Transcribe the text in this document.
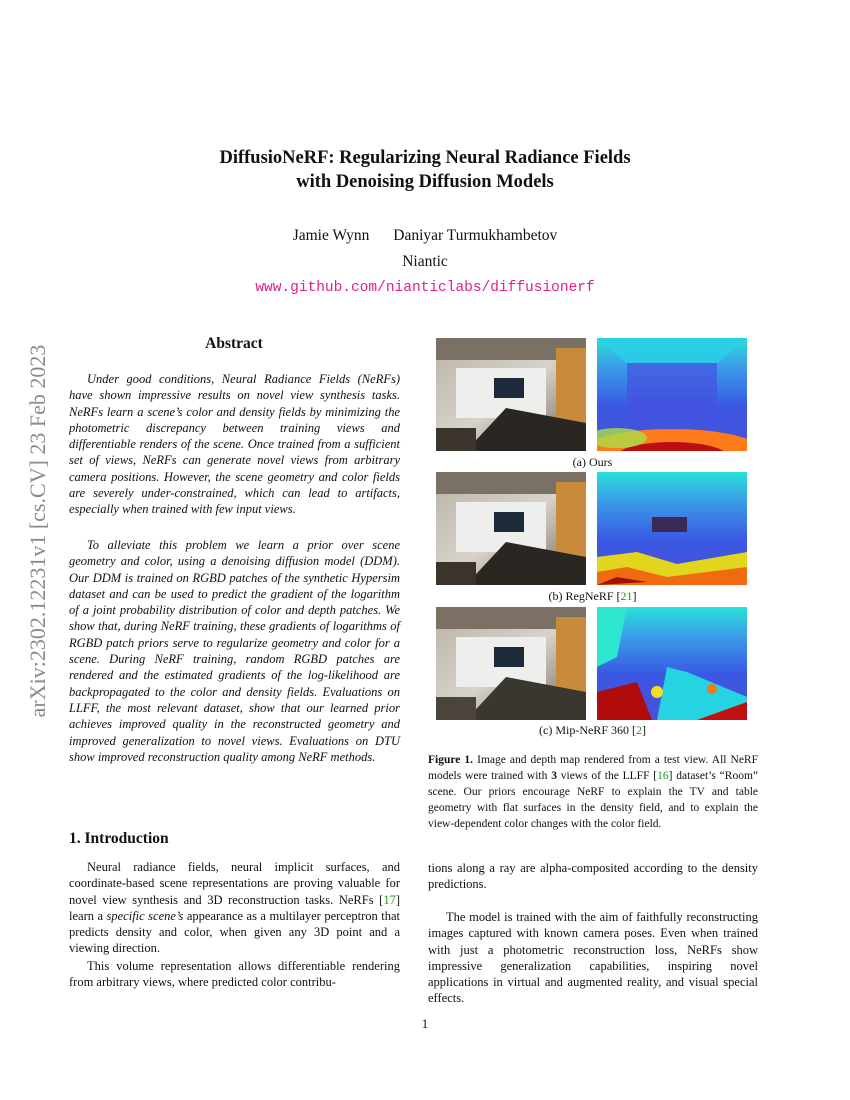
arXiv:2302.12231v1 [cs.CV] 23 Feb 2023
DiffusioNeRF: Regularizing Neural Radiance Fields
with Denoising Diffusion Models
Jamie Wynn Daniyar Turmukhambetov
Niantic
www.github.com/nianticlabs/diffusionerf
Abstract
Under good conditions, Neural Radiance Fields (NeRFs) have shown impressive results on novel view synthesis tasks. NeRFs learn a scene’s color and density fields by minimizing the photometric discrepancy between training views and differentiable renders of the scene. Once trained from a sufficient set of views, NeRFs can generate novel views from arbitrary camera positions. However, the scene geometry and color fields are severely under-constrained, which can lead to artifacts, especially when trained with few input views.
To alleviate this problem we learn a prior over scene geometry and color, using a denoising diffusion model (DDM). Our DDM is trained on RGBD patches of the synthetic Hypersim dataset and can be used to predict the gradient of the logarithm of a joint probability distribution of color and depth patches. We show that, during NeRF training, these gradients of logarithms of RGBD patch priors serve to regularize geometry and color for a scene. During NeRF training, random RGBD patches are rendered and the estimated gradients of the log-likelihood are backpropagated to the color and density fields. Evaluations on LLFF, the most relevant dataset, show that our learned prior achieves improved quality in the reconstructed geometry and improved generalization to novel views. Evaluations on DTU show improved reconstruction quality among NeRF methods.
1. Introduction
Neural radiance fields, neural implicit surfaces, and coordinate-based scene representations are proving valuable for novel view synthesis and 3D reconstruction tasks. NeRFs [17] learn a specific scene’s appearance as a multilayer perceptron that predicts density and color, when given any 3D point and a viewing direction.
This volume representation allows differentiable rendering from arbitrary views, where predicted color contribu-
tions along a ray are alpha-composited according to the density predictions.
The model is trained with the aim of faithfully reconstructing images captured with known camera poses. Even when trained with just a photometric reconstruction loss, NeRFs show impressive generalization capabilities, inspiring novel applications in virtual and augmented reality, and visual special effects.
(a) Ours
(b) RegNeRF [21]
(c) Mip-NeRF 360 [2]
Figure 1. Image and depth map rendered from a test view. All NeRF models were trained with 3 views of the LLFF [16] dataset’s “Room” scene. Our priors encourage NeRF to explain the TV and table geometry with flat surfaces in the density field, and to explain the view-dependent color changes with the color field.
1
